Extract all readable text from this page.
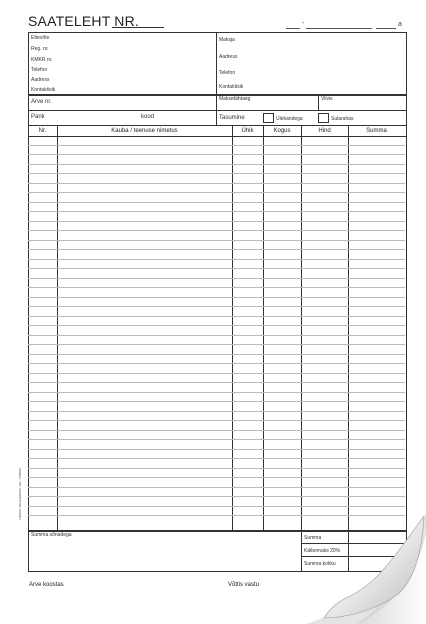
SAATELEHT NR.	-	a
Ettevõte
Reg. nr.
KMKR nr.
Telefon
Aadress
Kontaktisik
Maksja
Aadress
Telefon
Kontaktisik
Arve nr.
Pank	kood
Maksetähtaeg	Viivis
Tasumine	Ülekandega	Sularahas
Nr.	Kauba / teenuse nimetus	Ühik	Kogus	Hind	Summa
Summa sõnadega	Summa
Käibemaks 20%
Summa kokku
TRÜKIS. BALSAMEDIA, TEL. 7465807
Arve koostas	Võttis vastu
